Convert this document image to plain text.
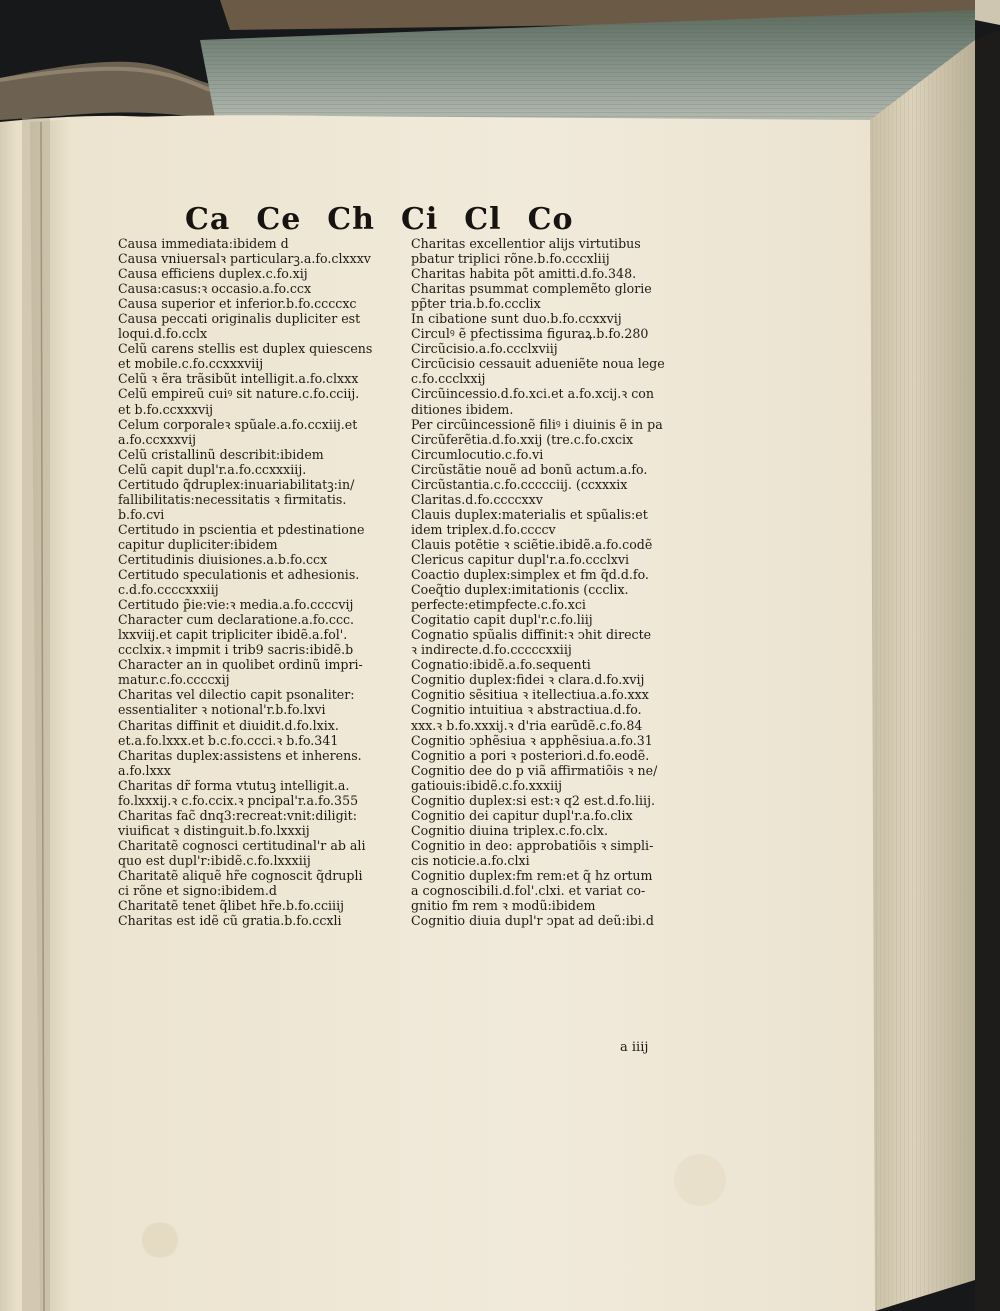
Ca Ce Ch Ci Cl Co
Causa immediata:ibidem d
Causa vniuersalꝛ particularꝫ.a.fo.clxxxv
Causa efficiens duplex.c.fo.xij
Causa:casus:ꝛ occasio.a.fo.ccx
Causa superior et inferior.b.fo.ccccxc
Causa peccati originalis dupliciter est
loqui.d.fo.cclx
Celũ carens stellis est duplex quiescens
et mobile.c.fo.ccxxxviij
Celũ ꝛ ẽra trãsibũt intelligit.a.fo.clxxx
Celũ empireũ cuiꝰ sit nature.c.fo.cciij.
et b.fo.ccxxxvij
Celum corporaleꝛ spũale.a.fo.ccxiij.et
a.fo.ccxxxvij
Celũ cristallinũ describit:ibidem
Celũ capit dupl'r.a.fo.ccxxxiij.
Certitudo q̃druplex:inuariabilitatꝫ:in/
fallibilitatis:necessitatis ꝛ firmitatis.
b.fo.cvi
Certitudo in pscientia et pdestinatione
capitur dupliciter:ibidem
Certitudinis diuisiones.a.b.fo.ccx
Certitudo speculationis et adhesionis.
c.d.fo.ccccxxxiij
Certitudo p̃ie:vie:ꝛ media.a.fo.ccccvij
Character cum declaratione.a.fo.ccc.
lxxviij.et capit tripliciter ibidẽ.a.fol'.
ccclxix.ꝛ impmit i trib9 sacris:ibidẽ.b
Character an in quolibet ordinũ impri-
matur.c.fo.ccccxij
Charitas vel dilectio capit psonaliter:
essentialiter ꝛ notional'r.b.fo.lxvi
Charitas diffinit et diuidit.d.fo.lxix.
et.a.fo.lxxx.et b.c.fo.ccci.ꝛ b.fo.341
Charitas duplex:assistens et inherens.
a.fo.lxxx
Charitas dr̃ forma vtutuꝫ intelligit.a.
fo.lxxxij.ꝛ c.fo.ccix.ꝛ pncipal'r.a.fo.355
Charitas fac̃ dnq3:recreat:vnit:diligit:
viuificat ꝛ distinguit.b.fo.lxxxij
Charitatẽ cognosci certitudinal'r ab ali
quo est dupl'r:ibidẽ.c.fo.lxxxiij
Charitatẽ aliquẽ hr̃e cognoscit q̃drupli
ci rõne et signo:ibidem.d
Charitatẽ tenet q̃libet hr̃e.b.fo.cciiij
Charitas est idẽ cũ gratia.b.fo.ccxli
Charitas excellentior alijs virtutibus
pbatur triplici rõne.b.fo.cccxliij
Charitas habita põt amitti.d.fo.348.
Charitas psummat complemẽto glorie
pp̃ter tria.b.fo.ccclix
In cibatione sunt duo.b.fo.ccxxvij
Circulꝰ ẽ pfectissima figuraꝝ.b.fo.280
Circũcisio.a.fo.ccclxviij
Circũcisio cessauit adueniẽte noua lege
c.fo.ccclxxij
Circũincessio.d.fo.xci.et a.fo.xcij.ꝛ con
ditiones ibidem.
Per circũincessionẽ filiꝰ i diuinis ẽ in pa
Circũferẽtia.d.fo.xxij (tre.c.fo.cxcix
Circumlocutio.c.fo.vi
Circũstãtie nouẽ ad bonũ actum.a.fo.
Circũstantia.c.fo.ccccciij. (ccxxxix
Claritas.d.fo.ccccxxv
Clauis duplex:materialis et spũalis:et
idem triplex.d.fo.ccccv
Clauis potẽtie ꝛ sciẽtie.ibidẽ.a.fo.codẽ
Clericus capitur dupl'r.a.fo.ccclxvi
Coactio duplex:simplex et fm q̃d.d.fo.
Coeq̃tio duplex:imitationis (ccclix.
perfecte:etimpfecte.c.fo.xci
Cogitatio capit dupl'r.c.fo.liij
Cognatio spũalis diffinit:ꝛ ↄhit directe
ꝛ indirecte.d.fo.cccccxxiij
Cognatio:ibidẽ.a.fo.sequenti
Cognitio duplex:fidei ꝛ clara.d.fo.xvij
Cognitio sẽsitiua ꝛ itellectiua.a.fo.xxx
Cognitio intuitiua ꝛ abstractiua.d.fo.
xxx.ꝛ b.fo.xxxij.ꝛ d'ria earũdẽ.c.fo.84
Cognitio ↄphẽsiua ꝛ apphẽsiua.a.fo.31
Cognitio a pori ꝛ posteriori.d.fo.eodẽ.
Cognitio dee do p viã affirmatiõis ꝛ ne/
gatiouis:ibidẽ.c.fo.xxxiij
Cognitio duplex:si est:ꝛ q2 est.d.fo.liij.
Cognitio dei capitur dupl'r.a.fo.clix
Cognitio diuina triplex.c.fo.clx.
Cognitio in deo: approbatiõis ꝛ simpli-
cis noticie.a.fo.clxi
Cognitio duplex:fm rem:et q̃ hz ortum
a cognoscibili.d.fol'.clxi. et variat co-
gnitio fm rem ꝛ modũ:ibidem
Cognitio diuia dupl'r ↄpat ad deũ:ibi.d
a iiij
